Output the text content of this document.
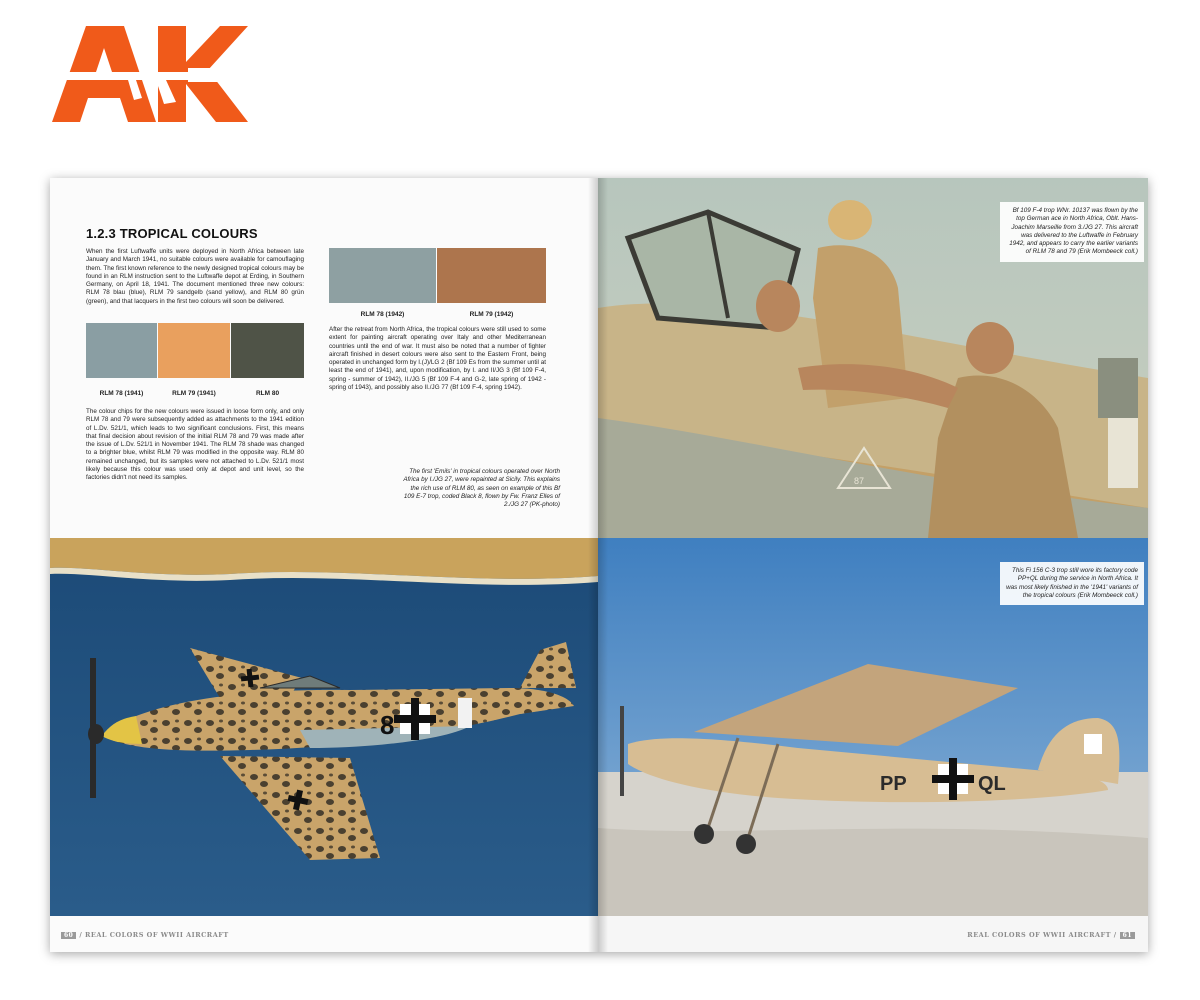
1.2.3 TROPICAL COLOURS

When the first Luftwaffe units were deployed in North Africa between late January and March 1941, no suitable colours were available for camouflaging them. The first known reference to the newly designed tropical colours may be found in an RLM instruction sent to the Luftwaffe depot at Erding, in Southern Germany, on April 18, 1941. The document mentioned three new colours: RLM 78 blau (blue), RLM 79 sandgelb (sand yellow), and RLM 80 grün (green), and that lacquers in the first two colours will soon be delivered.

RLM 78 (1941)	RLM 79 (1941)	RLM 80

The colour chips for the new colours were issued in loose form only, and only RLM 78 and 79 were subsequently added as attachments to the 1941 edition of L.Dv. 521/1, which leads to two significant conclusions. First, this means that final decision about revision of the initial RLM 78 and 79 was made after the issue of L.Dv. 521/1 in November 1941. The RLM 78 shade was changed to a brighter blue, whilst RLM 79 was modified in the opposite way. RLM 80 remained unchanged, but its samples were not attached to L.Dv. 521/1 most likely because this colour was used only at depot and unit level, so the factories didn't not need its samples.

RLM 78 (1942)	RLM 79 (1942)

After the retreat from North Africa, the tropical colours were still used to some extent for painting aircraft operating over Italy and other Mediterranean countries until the end of war. It must also be noted that a number of fighter aircraft finished in desert colours were also sent to the Eastern Front, being operated in unchanged form by I.(J)/LG 2 (Bf 109 Es from the summer until at least the end of 1941), and, upon modification, by I. and II/JG 3 (Bf 109 F-4, spring - summer of 1942), II./JG 5 (Bf 109 F-4 and G-2, late spring of 1942 - spring of 1943), and possibly also II./JG 77 (Bf 109 F-4, spring 1942).

The first 'Emils' in tropical colours operated over North Africa by I./JG 27, were repainted at Sicily. This explains the rich use of RLM 80, as seen on example of this Bf 109 E-7 trop, coded Black 8, flown by Fw. Franz Elles of 2./JG 27 (PK-photo)

8
60 / REAL COLORS OF WWII AIRCRAFT
87

Bf 109 F-4 trop WNr. 10137 was flown by the top German ace in North Africa, Oblt. Hans-Joachim Marseille from 3./JG 27. This aircraft was delivered to the Luftwaffe in February 1942, and appears to carry the earlier variants of RLM 78 and 79 (Erik Mombeeck coll.)

PP	QL

This Fi 156 C-3 trop still wore its factory code PP+QL during the service in North Africa. It was most likely finished in the '1941' variants of the tropical colours (Erik Mombeeck coll.)

REAL COLORS OF WWII AIRCRAFT / 61
